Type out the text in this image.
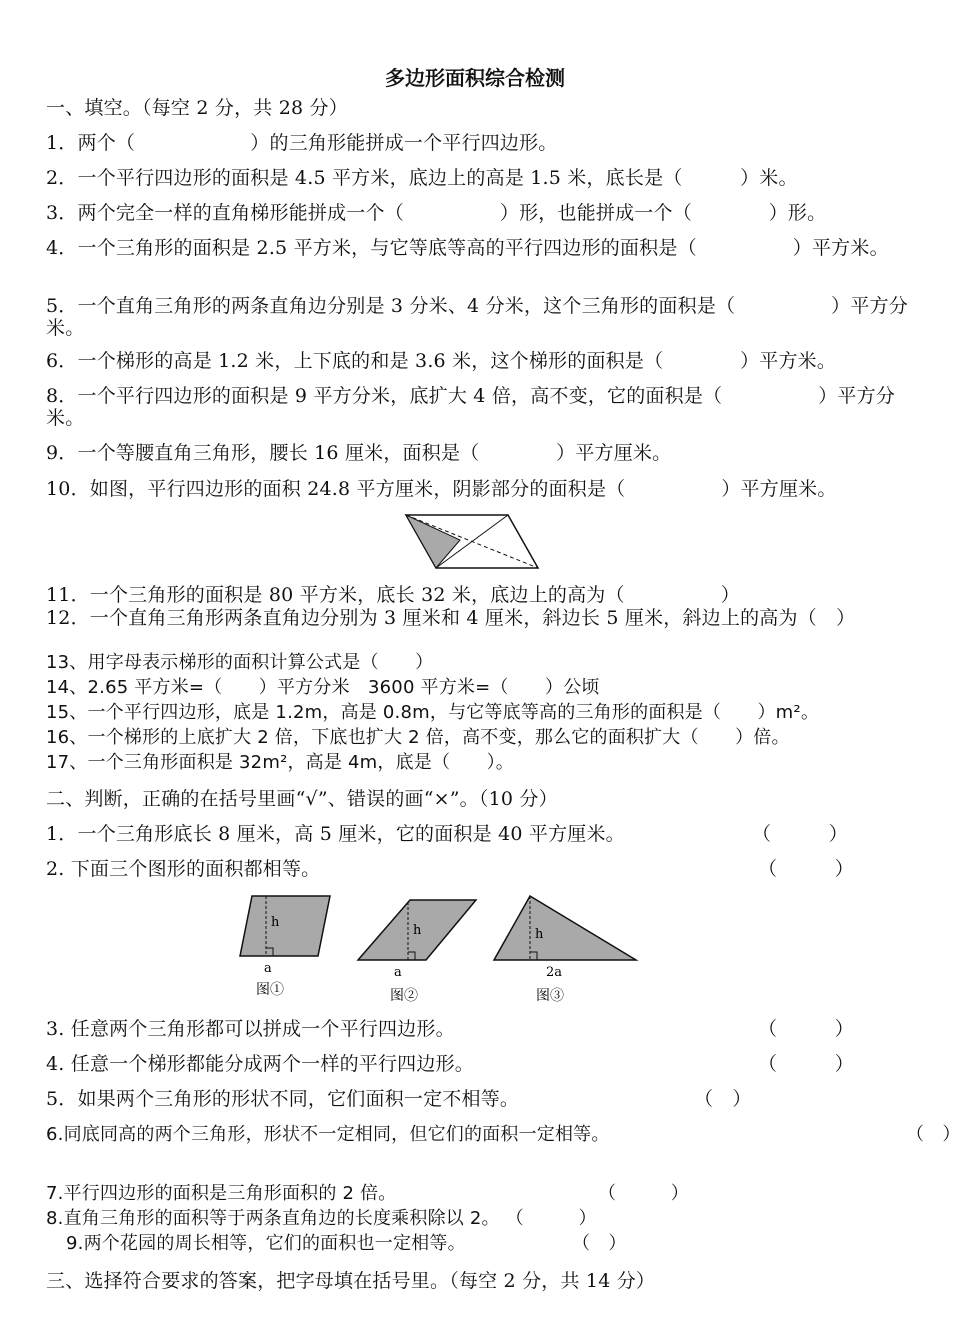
多边形面积综合检测
一、填空。（每空 2 分，共 28 分）
1．两个（　　　　　　）的三角形能拼成一个平行四边形。
2．一个平行四边形的面积是 4.5 平方米，底边上的高是 1.5 米，底长是（　　　）米。
3．两个完全一样的直角梯形能拼成一个（　　　　　）形，也能拼成一个（　　　　）形。
4．一个三角形的面积是 2.5 平方米，与它等底等高的平行四边形的面积是（　　　　　）平方米。
5．一个直角三角形的两条直角边分别是 3 分米、4 分米，这个三角形的面积是（　　　　　）平方分米。
6．一个梯形的高是 1.2 米，上下底的和是 3.6 米，这个梯形的面积是（　　　　）平方米。
8．一个平行四边形的面积是 9 平方分米，底扩大 4 倍，高不变，它的面积是（　　　　　）平方分米。
9．一个等腰直角三角形，腰长 16 厘米，面积是（　　　　）平方厘米。
10．如图，平行四边形的面积 24.8 平方厘米，阴影部分的面积是（　　　　　）平方厘米。
11．一个三角形的面积是 80 平方米，底长 32 米，底边上的高为（　　　　　）
12．一个直角三角形两条直角边分别为 3 厘米和 4 厘米，斜边长 5 厘米，斜边上的高为（　）
13、用字母表示梯形的面积计算公式是（　　）
14、2.65 平方米=（　　）平方分米　3600 平方米=（　　）公顷
15、一个平行四边形，底是 1.2m，高是 0.8m，与它等底等高的三角形的面积是（　　）m²。
16、一个梯形的上底扩大 2 倍，下底也扩大 2 倍，高不变，那么它的面积扩大（　　）倍。
17、一个三角形面积是 32m²，高是 4m，底是（　　）。
二、判断，正确的在括号里画“√”、错误的画“×”。（10 分）
1．一个三角形底长 8 厘米，高 5 厘米，它的面积是 40 平方厘米。	（　　　）
2. 下面三个图形的面积都相等。	（　　　）
h
a
图①
h
a
图②
h
2a
图③
3. 任意两个三角形都可以拼成一个平行四边形。	（　　　）
4. 任意一个梯形都能分成两个一样的平行四边形。	（　　　）
5．如果两个三角形的形状不同，它们面积一定不相等。	（　）
6.同底同高的两个三角形，形状不一定相同，但它们的面积一定相等。	（　）
7.平行四边形的面积是三角形面积的 2 倍。	（　　　）
8.直角三角形的面积等于两条直角边的长度乘积除以 2。 （　　　）
9.两个花园的周长相等，它们的面积也一定相等。	（　）
三、选择符合要求的答案，把字母填在括号里。（每空 2 分，共 14 分）
